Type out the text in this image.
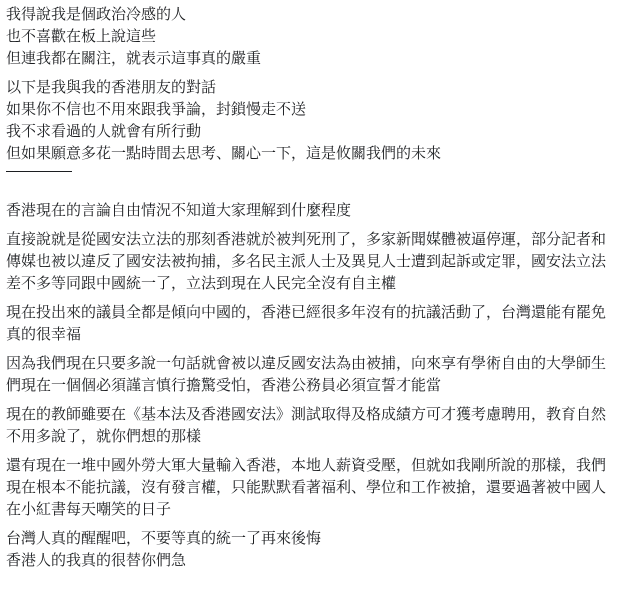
我得說我是個政治冷感的人
也不喜歡在板上說這些
但連我都在關注，就表示這事真的嚴重
以下是我與我的香港朋友的對話
如果你不信也不用來跟我爭論，封鎖慢走不送
我不求看過的人就會有所行動
但如果願意多花一點時間去思考、關心一下，這是攸關我們的未來
香港現在的言論自由情況不知道大家理解到什麼程度
直接說就是從國安法立法的那刻香港就於被判死刑了，多家新聞媒體被逼停運，部分記者和傳媒也被以違反了國安法被拘捕，多名民主派人士及異見人士遭到起訴或定罪，國安法立法差不多等同跟中國統一了，立法到現在人民完全沒有自主權
現在投出來的議員全都是傾向中國的，香港已經很多年沒有的抗議活動了，台灣還能有罷免真的很幸福
因為我們現在只要多說一句話就會被以違反國安法為由被捕，向來享有學術自由的大學師生們現在一個個必須謹言慎行擔驚受怕，香港公務員必須宣誓才能當
現在的教師雖要在《基本法及香港國安法》測試取得及格成績方可才獲考慮聘用，教育自然不用多說了，就你們想的那樣
還有現在一堆中國外勞大軍大量輸入香港，本地人薪資受壓，但就如我剛所說的那樣，我們現在根本不能抗議，沒有發言權，只能默默看著福利、學位和工作被搶，還要過著被中國人在小紅書每天嘲笑的日子
台灣人真的醒醒吧，不要等真的統一了再來後悔
香港人的我真的很替你們急
